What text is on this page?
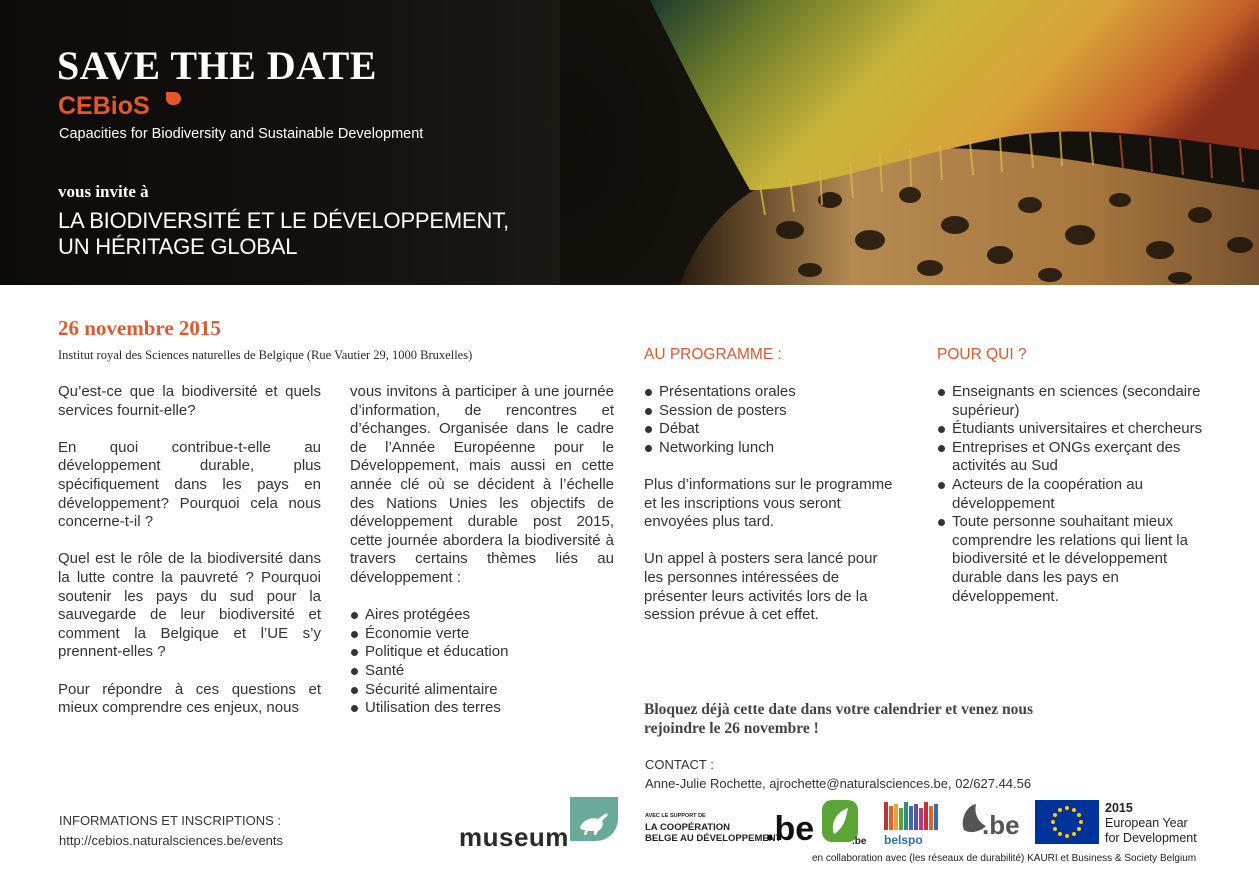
SAVE THE DATE
CEBioS
Capacities for Biodiversity and Sustainable Development
vous invite à
LA BIODIVERSITÉ ET LE DÉVELOPPEMENT,
UN HÉRITAGE GLOBAL
26 novembre 2015
Institut royal des Sciences naturelles de Belgique (Rue Vautier 29, 1000 Bruxelles)

Qu’est-ce que la biodiversité et quels services fournit-elle?

En quoi contribue-t-elle au développement durable, plus spécifiquement dans les pays en développement? Pourquoi cela nous concerne-t-il ?

Quel est le rôle de la biodiversité dans la lutte contre la pauvreté ? Pourquoi soutenir les pays du sud pour la sauvegarde de leur biodiversité et comment la Belgique et l’UE s’y prennent-elles ?

Pour répondre à ces questions et mieux comprendre ces enjeux, nous

vous invitons à participer à une journée d’information, de rencontres et d’échanges. Organisée dans le cadre de l’Année Européenne pour le Développement, mais aussi en cette année clé où se décident à l’échelle des Nations Unies les objectifs de développement durable post 2015, cette journée abordera la biodiversité à travers certains thèmes liés au développement :

Aires protégées
Économie verte
Politique et éducation
Santé
Sécurité alimentaire
Utilisation des terres
AU PROGRAMME :
Présentations orales
Session de posters
Débat
Networking lunch

Plus d’informations sur le programme et les inscriptions vous seront envoyées plus tard.

Un appel à posters sera lancé pour les personnes intéressées de présenter leurs activités lors de la session prévue à cet effet.

POUR QUI ?
Enseignants en sciences (secondaire supérieur)
Étudiants universitaires et chercheurs
Entreprises et ONGs exerçant des activités au Sud
Acteurs de la coopération au développement
Toute personne souhaitant mieux comprendre les relations qui lient la biodiversité et le développement durable dans les pays en développement.
Bloquez déjà cette date dans votre calendrier et venez nous rejoindre le 26 novembre !
CONTACT :
Anne-Julie Rochette, ajrochette@naturalsciences.be, 02/627.44.56
INFORMATIONS ET INSCRIPTIONS :
http://cebios.naturalsciences.be/events	museum
AVEC LE SUPPORT DE
LA COOPÉRATION
BELGE AU DÉVELOPPEMENT
.be	.be belspo .be
2015
European Year
for Development
en collaboration avec (les réseaux de durabilité) KAURI et Business & Society Belgium
